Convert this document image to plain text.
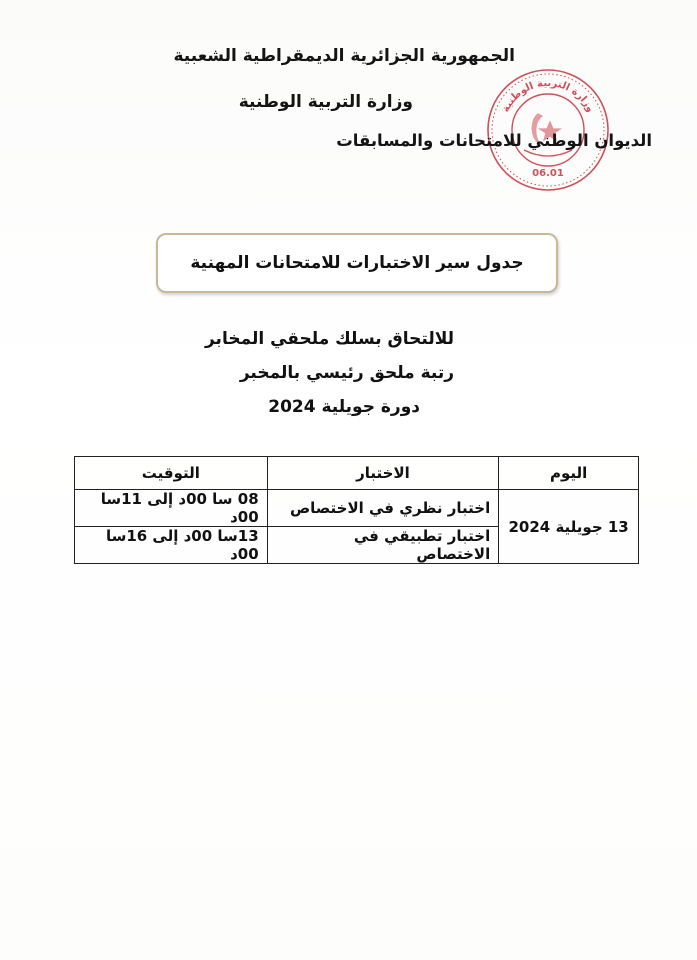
الجمهورية الجزائرية الديمقراطية الشعبية
وزارة التربية الوطنية	وزارة التربية الوطنية
06.01
الديوان الوطني للامتحانات والمسابقات
جدول سير الاختبارات للامتحانات المهنية
للالتحاق بسلك ملحقي المخابر
رتبة ملحق رئيسي بالمخبر
دورة جويلية 2024
اليوم	الاختبار	التوقيت
13 جويلية 2024	اختبار نظري في الاختصاص	08 سا 00د إلى 11سا 00د
	اختبار تطبيقي في الاختصاص	13سا 00د إلى 16سا 00د
